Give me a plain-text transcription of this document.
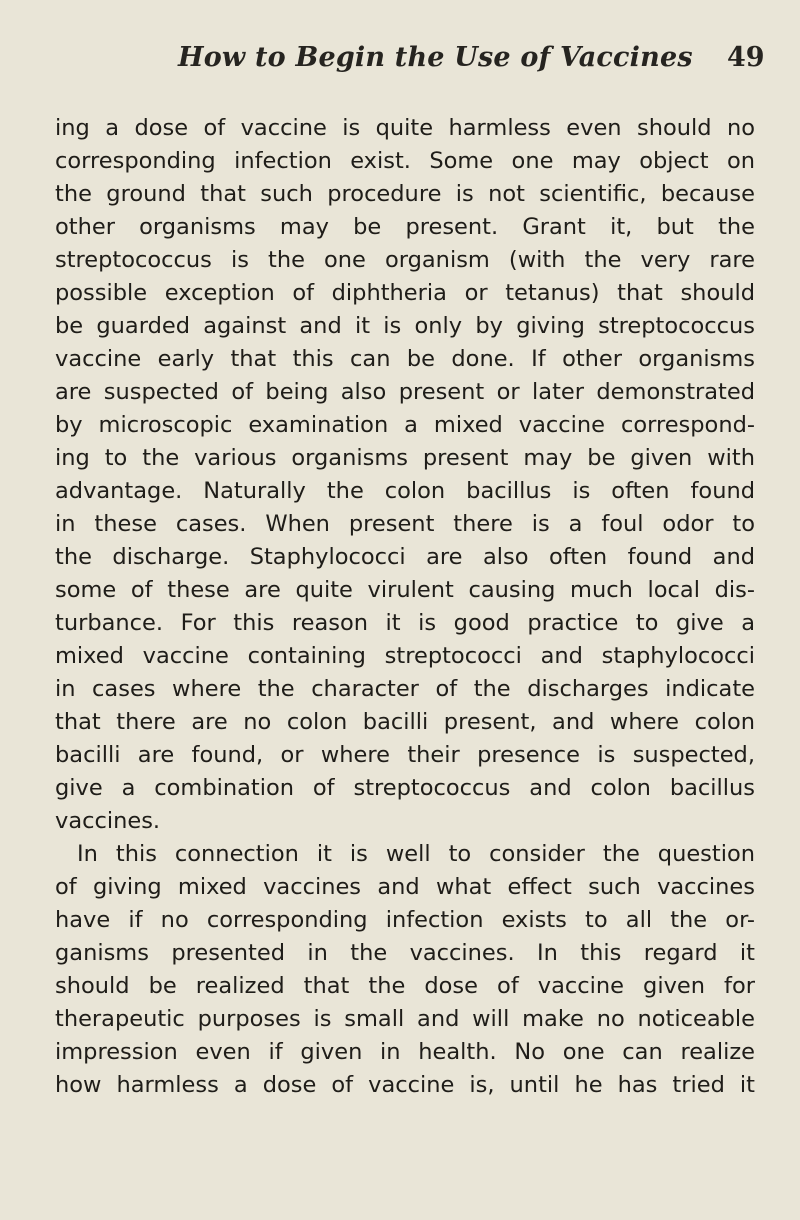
How to Begin the Use of Vaccines 49
ing a dose of vaccine is quite harmless even should no
corresponding infection exist. Some one may object on
the ground that such procedure is not scientific, because
other organisms may be present. Grant it, but the
streptococcus is the one organism (with the very rare
possible exception of diphtheria or tetanus) that should
be guarded against and it is only by giving streptococcus
vaccine early that this can be done. If other organisms
are suspected of being also present or later demonstrated
by microscopic examination a mixed vaccine correspond-
ing to the various organisms present may be given with
advantage. Naturally the colon bacillus is often found
in these cases. When present there is a foul odor to
the discharge. Staphylococci are also often found and
some of these are quite virulent causing much local dis-
turbance. For this reason it is good practice to give a
mixed vaccine containing streptococci and staphylococci
in cases where the character of the discharges indicate
that there are no colon bacilli present, and where colon
bacilli are found, or where their presence is suspected,
give a combination of streptococcus and colon bacillus
vaccines.
In this connection it is well to consider the question
of giving mixed vaccines and what effect such vaccines
have if no corresponding infection exists to all the or-
ganisms presented in the vaccines. In this regard it
should be realized that the dose of vaccine given for
therapeutic purposes is small and will make no noticeable
impression even if given in health. No one can realize
how harmless a dose of vaccine is, until he has tried it
